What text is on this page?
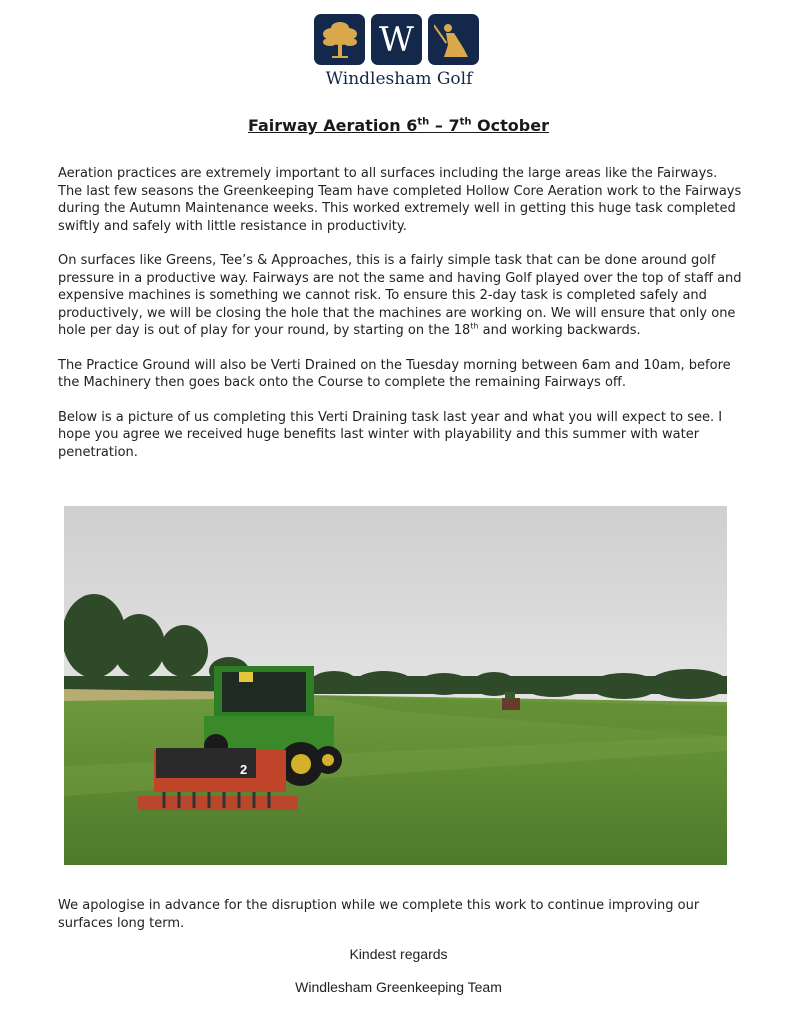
W
Windlesham Golf
Fairway Aeration 6th – 7th October

Aeration practices are extremely important to all surfaces including the large areas like the Fairways.
The last few seasons the Greenkeeping Team have completed Hollow Core Aeration work to the Fairways during the Autumn Maintenance weeks. This worked extremely well in getting this huge task completed swiftly and safely with little resistance in productivity.

On surfaces like Greens, Tee’s & Approaches, this is a fairly simple task that can be done around golf pressure in a productive way. Fairways are not the same and having Golf played over the top of staff and expensive machines is something we cannot risk. To ensure this 2-day task is completed safely and productively, we will be closing the hole that the machines are working on. We will ensure that only one hole per day is out of play for your round, by starting on the 18th and working backwards.

The Practice Ground will also be Verti Drained on the Tuesday morning between 6am and 10am, before the Machinery then goes back onto the Course to complete the remaining Fairways off.

Below is a picture of us completing this Verti Draining task last year and what you will expect to see. I hope you agree we received huge benefits last winter with playability and this summer with water penetration.

2
We apologise in advance for the disruption while we complete this work to continue improving our surfaces long term.
Kindest regards
Windlesham Greenkeeping Team
